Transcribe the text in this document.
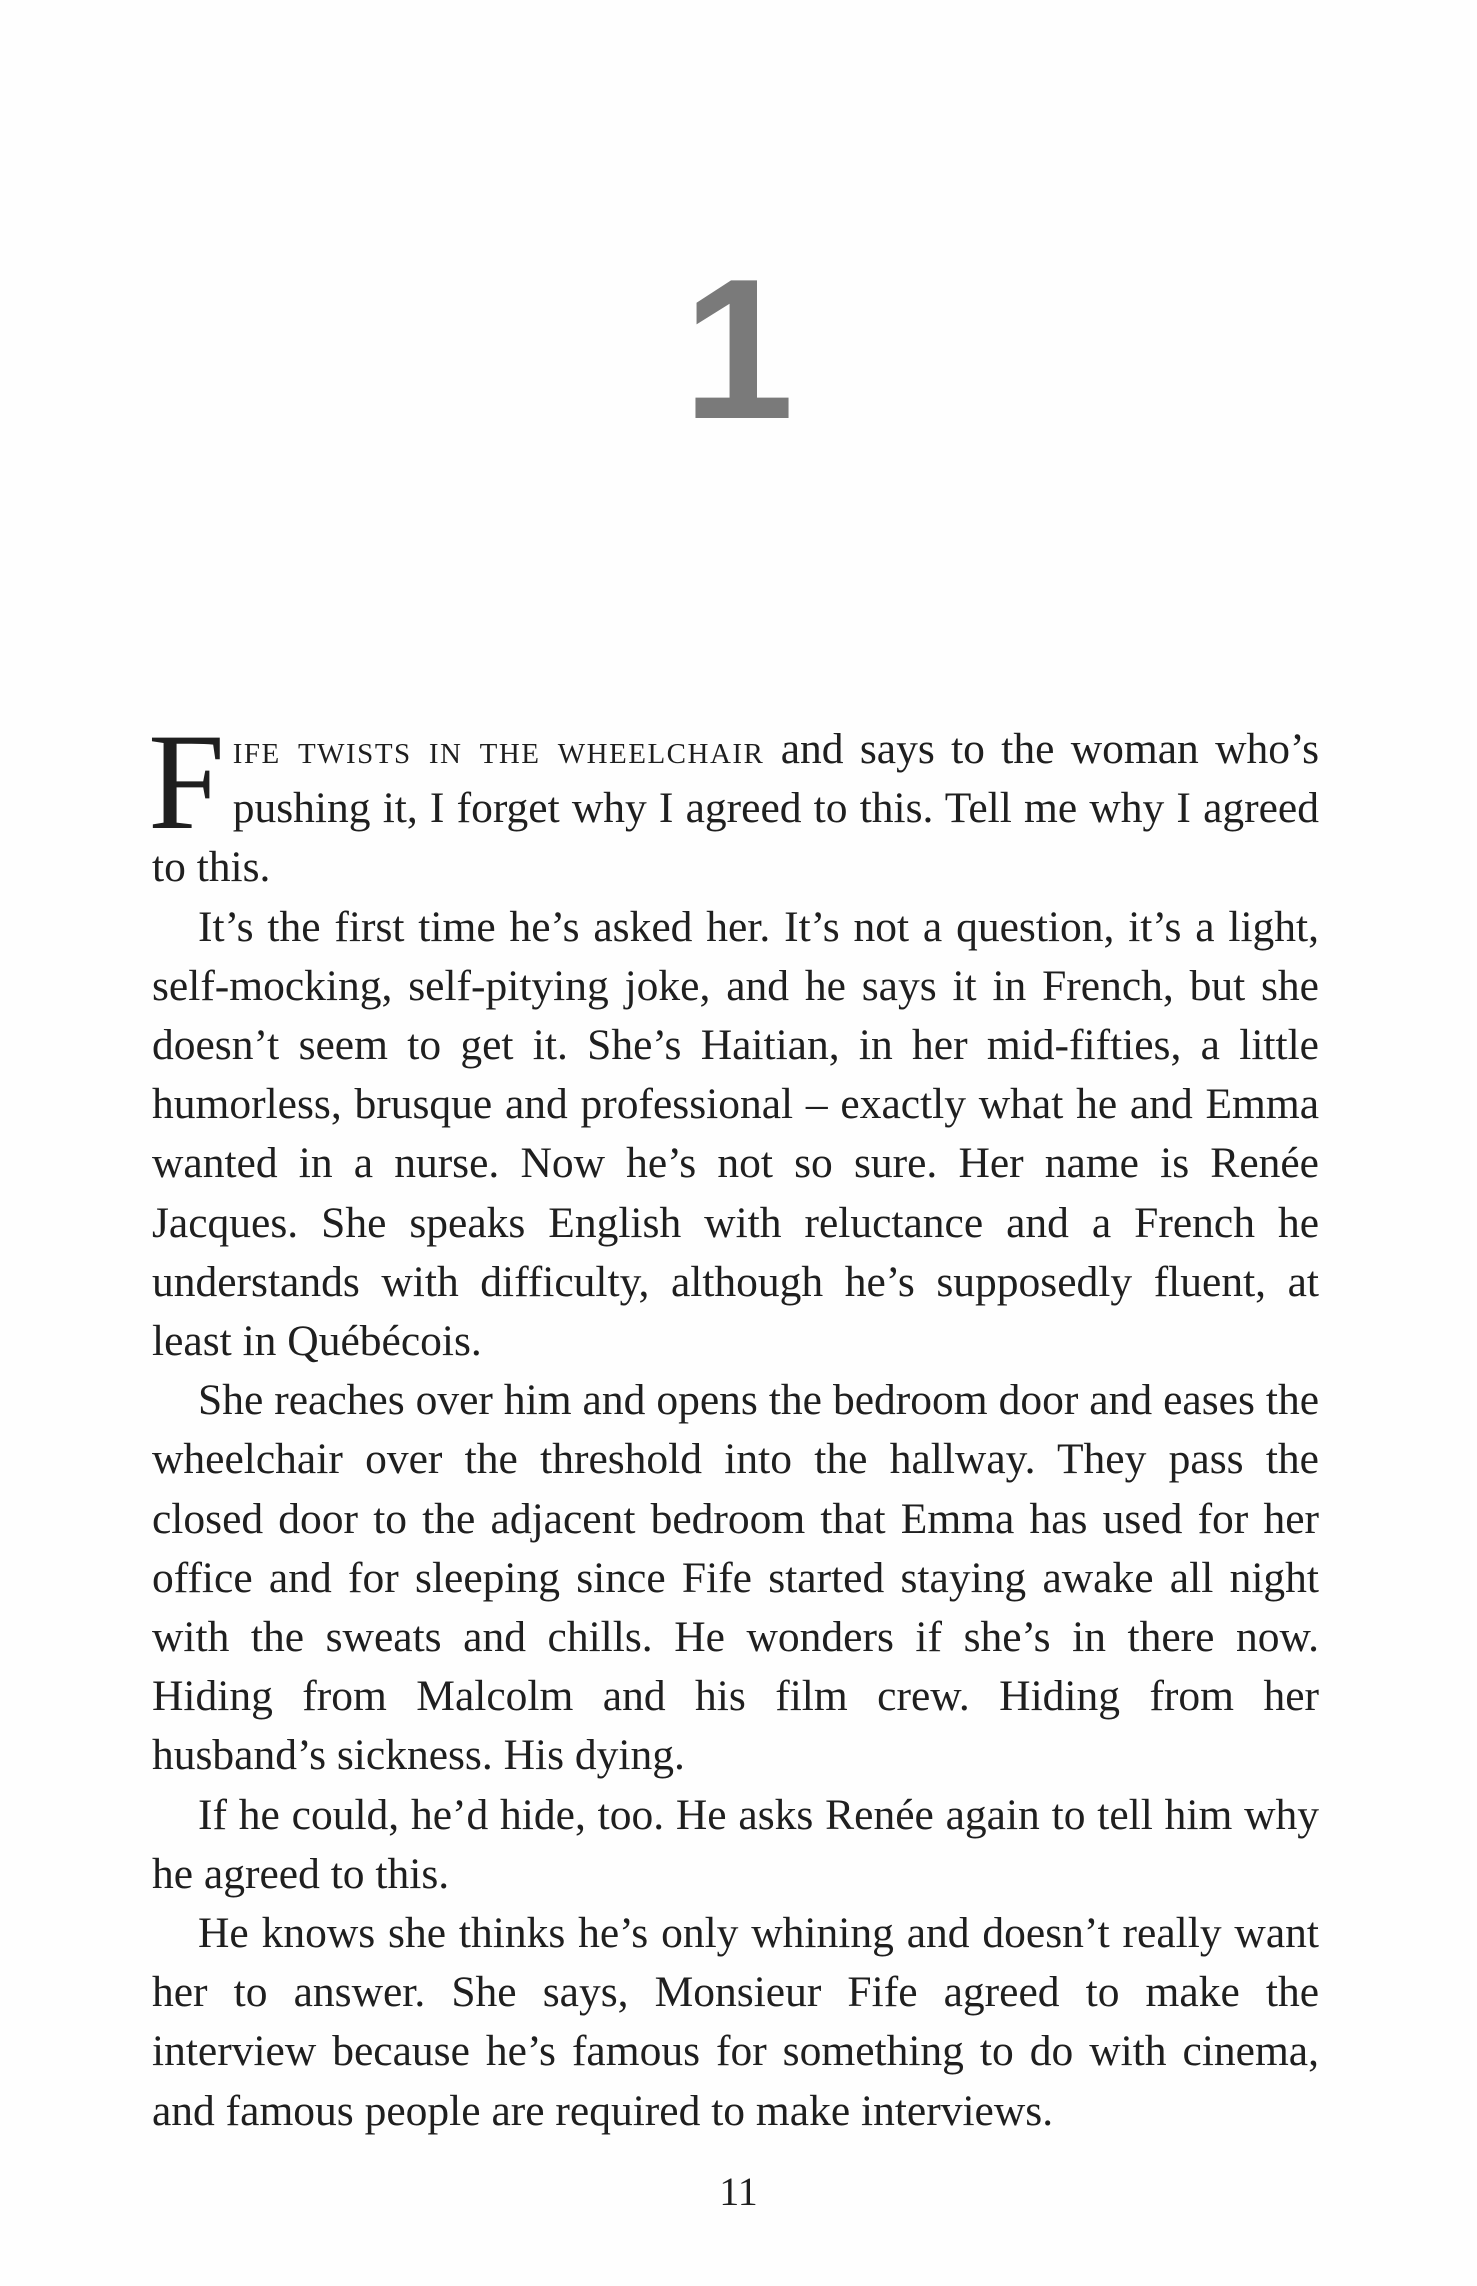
1

Fife twists in the wheelchair and says to the woman who’s pushing it, I forget why I agreed to this. Tell me why I agreed to this.

It’s the first time he’s asked her. It’s not a question, it’s a light, self-mocking, self-pitying joke, and he says it in French, but she doesn’t seem to get it. She’s Haitian, in her mid-fifties, a little humorless, brusque and professional – exactly what he and Emma wanted in a nurse. Now he’s not so sure. Her name is Renée Jacques. She speaks English with reluctance and a French he understands with difficulty, although he’s supposedly fluent, at least in Québécois.

She reaches over him and opens the bedroom door and eases the wheelchair over the threshold into the hallway. They pass the closed door to the adjacent bedroom that Emma has used for her office and for sleeping since Fife started staying awake all night with the sweats and chills. He wonders if she’s in there now. Hiding from Malcolm and his film crew. Hiding from her husband’s sickness. His dying.

If he could, he’d hide, too. He asks Renée again to tell him why he agreed to this.

He knows she thinks he’s only whining and doesn’t really want her to answer. She says, Monsieur Fife agreed to make the interview because he’s famous for something to do with cinema, and famous people are required to make interviews.

11
